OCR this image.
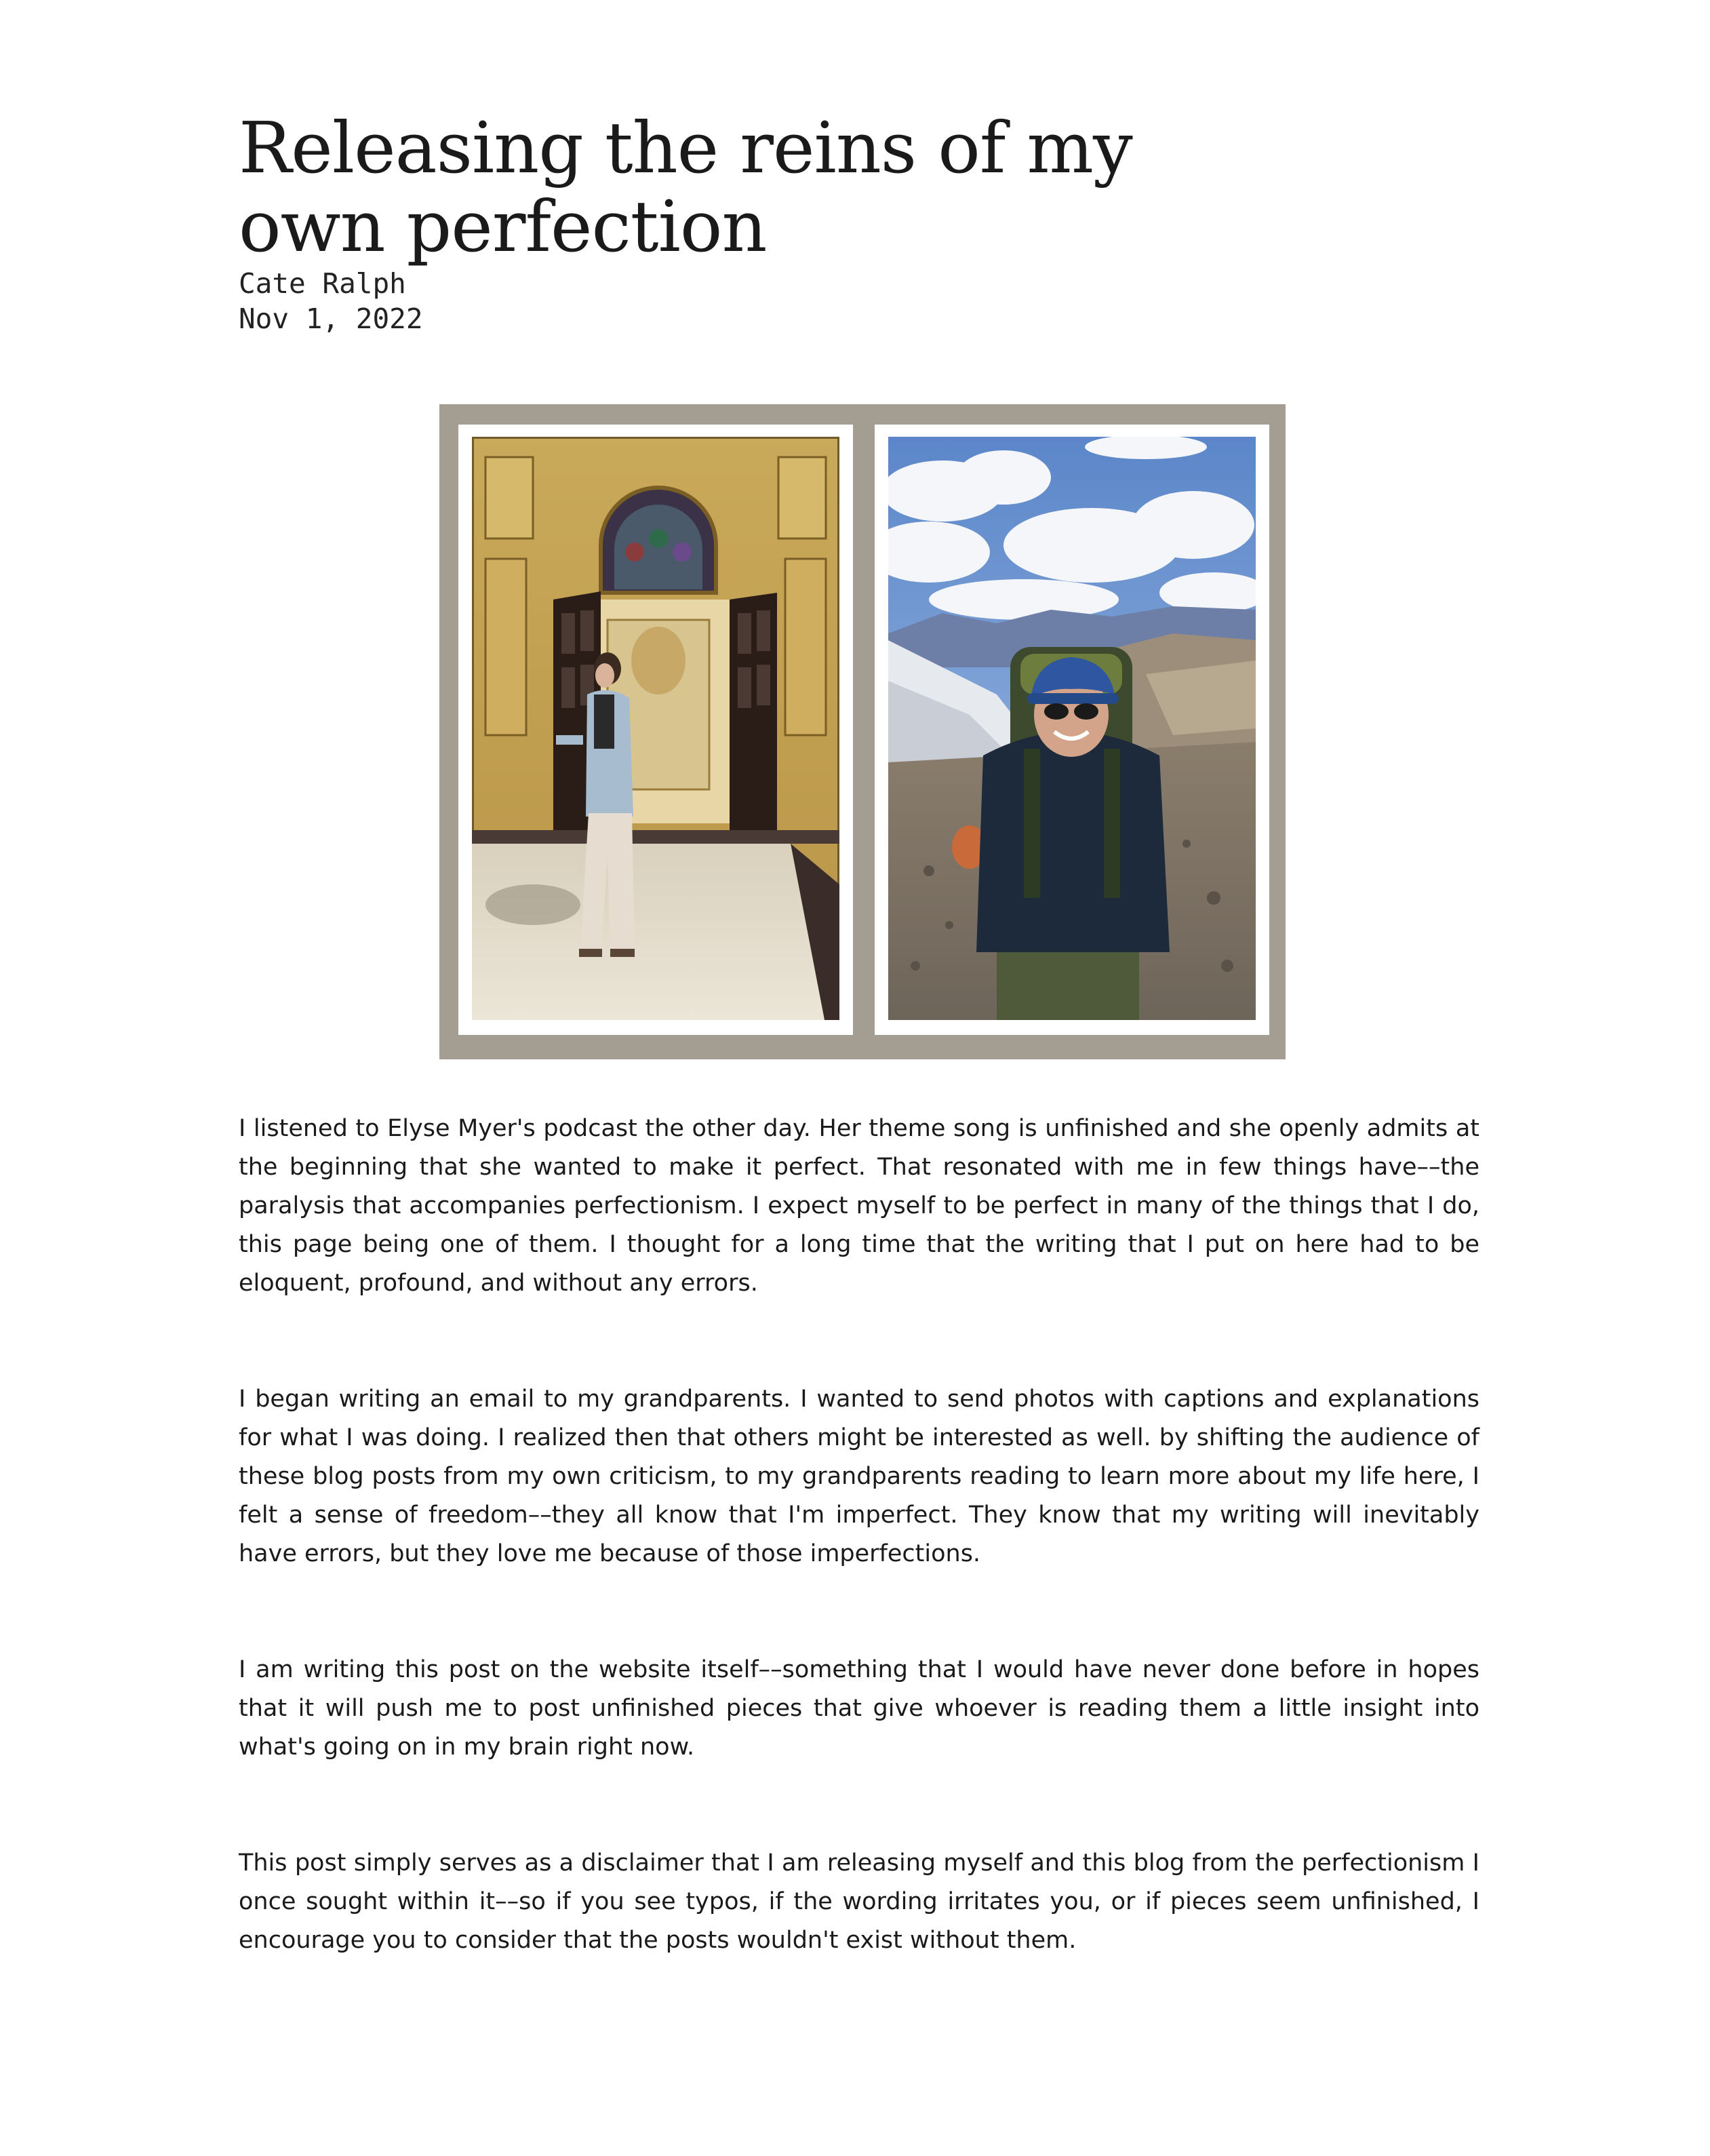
Releasing the reins of my own perfection
Cate Ralph
Nov 1, 2022

I listened to Elyse Myer's podcast the other day. Her theme song is unfinished and she openly admits at the beginning that she wanted to make it perfect. That resonated with me in few things have––the paralysis that accompanies perfectionism. I expect myself to be perfect in many of the things that I do, this page being one of them. I thought for a long time that the writing that I put on here had to be eloquent, profound, and without any errors.

I began writing an email to my grandparents. I wanted to send photos with captions and explanations for what I was doing. I realized then that others might be interested as well. by shifting the audience of these blog posts from my own criticism, to my grandparents reading to learn more about my life here, I felt a sense of freedom––they all know that I'm imperfect. They know that my writing will inevitably have errors, but they love me because of those imperfections.

I am writing this post on the website itself––something that I would have never done before in hopes that it will push me to post unfinished pieces that give whoever is reading them a little insight into what's going on in my brain right now.

This post simply serves as a disclaimer that I am releasing myself and this blog from the perfectionism I once sought within it––so if you see typos, if the wording irritates you, or if pieces seem unfinished, I encourage you to consider that the posts wouldn't exist without them.
